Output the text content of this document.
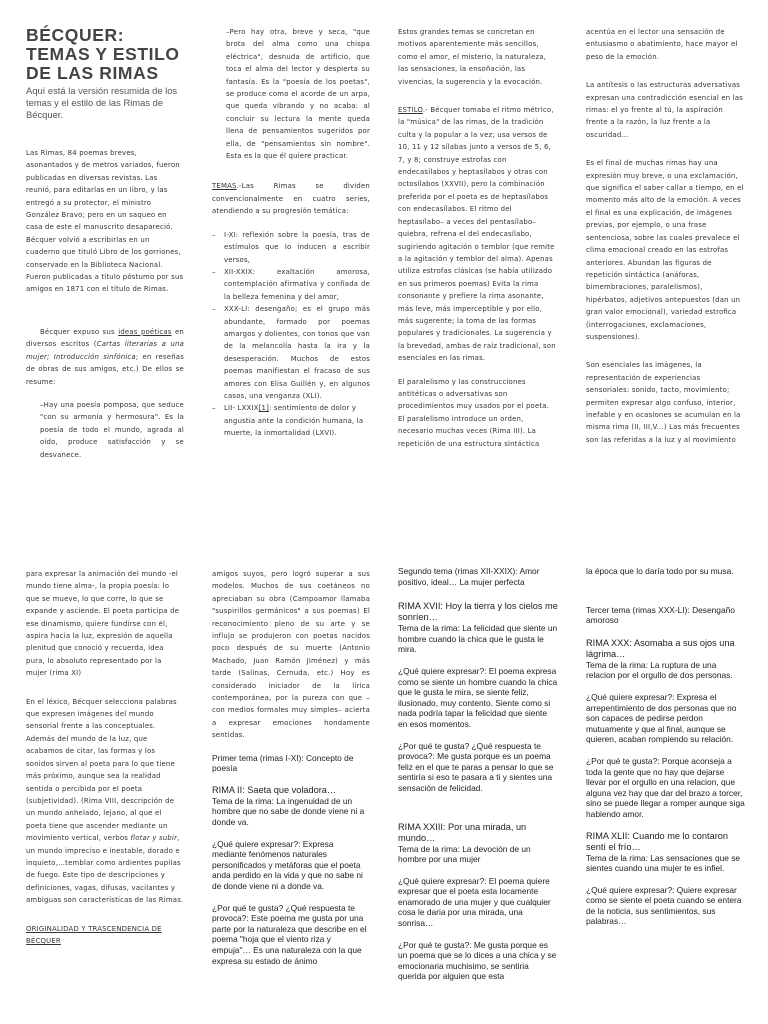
BÉCQUER: TEMAS Y ESTILO DE LAS RIMAS
Aquí está la versión resumida de los temas y el estilo de las Rimas de Bécquer.

Las Rimas, 84 poemas breves, asonantados y de metros variados, fueron publicadas en diversas revistas. Las reunió, para editarlas en un libro, y las entregó a su protector, el ministro González Bravo; pero en un saqueo en casa de este el manuscrito desapareció. Bécquer volvió a escribirlas en un cuaderno que tituló Libro de los gorriones, conservado en la Biblioteca Nacional. Fueron publicadas a título póstumo por sus amigos en 1871 con el título de Rimas.

Bécquer expuso sus ideas poéticas en diversos escritos (Cartas literarias a una mujer; Introducción sinfónica; en reseñas de obras de sus amigos, etc.) De ellos se resume:

–Hay una poesía pomposa, que seduce "con su armonía y hermosura". Es la poesía de todo el mundo, agrada al oído, produce satisfacción y se desvanece.

–Pero hay otra, breve y seca, "que brota del alma como una chispa eléctrica", desnuda de artificio, que toca el alma del lector y despierta su fantasía. Es la "poesía de los poetas", se produce como el acorde de un arpa, que queda vibrando y no acaba: al concluir su lectura la mente queda llena de pensamientos sugeridos por ella, de "pensamientos sin nombre". Esta es la que él quiere practicar.

TEMAS.-Las Rimas se dividen convencionalmente en cuatro series, atendiendo a su progresión temática:

– I-XI: reflexión sobre la poesía, tras de estímulos que lo inducen a escribir versos,
– XII-XXIX: exaltación amorosa, contemplación afirmativa y confiada de la belleza femenina y del amor,
– XXX-LI: desengaño; es el grupo más abundante, formado por poemas amargos y dolientes, con tonos que van de la melancolía hasta la ira y la desesperación. Muchos de estos poemas manifiestan el fracaso de sus amores con Elisa Guillén y, en algunos casos, una venganza (XLI).
– LII- LXXIX[1]: sentimiento de dolor y angustia ante la condición humana, la muerte, la inmortalidad (LXVI).

Estos grandes temas se concretan en motivos aparentemente más sencillos, como el amor, el misterio, la naturaleza, las sensaciones, la ensoñación, las vivencias, la sugerencia y la evocación.

ESTILO.- Bécquer tomaba el ritmo métrico, la "música" de las rimas, de la tradición culta y la popular a la vez; usa versos de 10, 11 y 12 sílabas junto a versos de 5, 6, 7, y 8; construye estrofas con endecasílabos y heptasílabos y otras con octosílabos (XXVII), pero la combinación preferida por el poeta es de heptasílabos con endecasílabos. El ritmo del heptasílabo– a veces del pentasílabo– quiebra, refrena el del endecasílabo, sugiriendo agitación o temblor (que remite a la agitación y temblor del alma). Apenas utiliza estrofas clásicas (se había utilizado en sus primeros poemas) Evita la rima consonante y prefiere la rima asonante, más leve, más imperceptible y por ello, más sugerente; la toma de las formas populares y tradicionales. La sugerencia y la brevedad, ambas de raíz tradicional, son esenciales en las rimas.

El paralelismo y las construcciones antitéticas o adversativas son procedimientos muy usados por el poeta. El paralelismo introduce un orden, necesario muchas veces (Rima III). La repetición de una estructura sintáctica

acentúa en el lector una sensación de entusiasmo o abatimiento, hace mayor el peso de la emoción.

La antítesis o las estructuras adversativas expresan una contradicción esencial en las rimas: el yo frente al tú, la aspiración frente a la razón, la luz frente a la oscuridad…

Es el final de muchas rimas hay una expresión muy breve, o una exclamación, que significa el saber callar a tiempo, en el momento más alto de la emoción. A veces el final es una explicación, de imágenes previas, por ejemplo, o una frase sentenciosa, sobre las cuales prevalece el clima emocional creado en las estrofas anteriores. Abundan las figuras de repetición sintáctica (anáforas, bimembraciones, paralelismos), hipérbatos, adjetivos antepuestos (dan un gran valor emocional), variedad estroﬁca (interrogaciones, exclamaciones, suspensiones).

Son esenciales las imágenes, la representación de experiencias sensoriales: sonido, tacto, movimiento; permiten expresar algo confuso, interior, inefable y en ocasiones se acumulan en la misma rima (II, III,V...) Las más frecuentes son las referidas a la luz y al movimiento

para expresar la animación del mundo -el mundo tiene alma-, la propia poesía: lo que se mueve, lo que corre, lo que se expande y asciende. El poeta participa de ese dinamismo, quiere fundirse con él, aspira hacia la luz, expresión de aquella plenitud que conoció y recuerda, idea pura, lo absoluto representado por la mujer (rima XI)

En el léxico, Bécquer selecciona palabras que expresen imágenes del mundo sensorial frente a las conceptuales. Además del mundo de la luz, que acabamos de citar, las formas y los sonidos sirven al poeta para lo que tiene más próximo, aunque sea la realidad sentida o percibida por el poeta (subjetividad). (Rima VIII, descripción de un mundo anhelado, lejano, al que el poeta tiene que ascender mediante un movimiento vertical, verbos flotar y subir, un mundo impreciso e inestable, dorado e inquieto,…temblar como ardientes pupilas de fuego. Este tipo de descripciones y definiciones, vagas, difusas, vacilantes y ambiguas son características de las Rimas.

ORIGINALIDAD Y TRASCENDENCIA DE BÉCQUER

amigos suyos, pero logró superar a sus modelos. Muchos de sus coetáneos no apreciaban su obra (Campoamor llamaba "suspirillos germánicos" a sus poemas) El reconocimiento pleno de su arte y se influjo se produjeron con poetas nacidos poco después de su muerte (Antonio Machado, Juan Ramón Jiménez) y más tarde (Salinas, Cernuda, etc.) Hoy es considerado iniciador de la lírica contemporánea, por la pureza con que – con medios formales muy simples– acierta a expresar emociones hondamente sentidas.

Primer tema (rimas I-XI): Concepto de poesía

RIMA II: Saeta que voladora…

Tema de la rima: La ingenuidad de un hombre que no sabe de donde viene ni a donde va.

¿Qué quiere expresar?: Expresa mediante fenómenos naturales personificados y metáforas que el poeta anda perdido en la vida y que no sabe ni de donde viene ni a donde va.

¿Por qué te gusta? ¿Qué respuesta te provoca?: Este poema me gusta por una parte por la naturaleza que describe en el poema "hoja que el viento riza y empuja"… Es una naturaleza con la que expresa su estado de ánimo

Segundo tema (rimas XII-XXIX): Amor positivo, ideal… La mujer perfecta

RIMA XVII: Hoy la tierra y los cielos me sonríen…

Tema de la rima: La felicidad que siente un hombre cuando la chica que le gusta le mira.

¿Qué quiere expresar?: El poema expresa como se siente un hombre cuando la chica que le gusta le mira, se siente feliz, ilusionado, muy contento. Siente como si nada podría tapar la felicidad que siente en esos momentos.

¿Por qué te gusta? ¿Qué respuesta te provoca?: Me gusta porque es un poema feliz en el que te paras a pensar lo que se sentiría si eso te pasara a ti y sientes una sensación de felicidad.

RIMA XXIII: Por una mirada, un mundo…

Tema de la rima: La devoción de un hombre por una mujer

¿Qué quiere expresar?: El poema quiere expresar que el poeta esta locamente enamorado de una mujer y que cualquier cosa le daria por una mirada, una sonrisa…

¿Por qué te gusta?: Me gusta porque es un poema que se lo dices a una chica y se emocionaria muchisimo, se sentiria querida por alguien que esta

la época que lo daría todo por su musa.

Tercer tema (rimas XXX-LI): Desengaño amoroso

RIMA XXX: Asomaba a sus ojos una lágrima…

Tema de la rima: La ruptura de una relacion por el orgullo de dos personas.

¿Qué quiere expresar?: Expresa el arrepentimiento de dos personas que no son capaces de pedirse perdon mutuamente y que al final, aunque se quieren, acaban rompiendo su relación.

¿Por qué te gusta?: Porque aconseja a toda la gente que no hay que dejarse llevar por el orgullo en una relacion, que alguna vez hay que dar del brazo a torcer, sino se puede llegar a romper aunque siga habiendo amor.

RIMA XLII: Cuando me lo contaron sentí el frío…

Tema de la rima: Las sensaciones que se sientes cuando una mujer te es infiel.

¿Qué quiere expresar?: Quiere expresar como se siente el poeta cuando se entera de la noticia, sus sentimientos, sus palabras…
